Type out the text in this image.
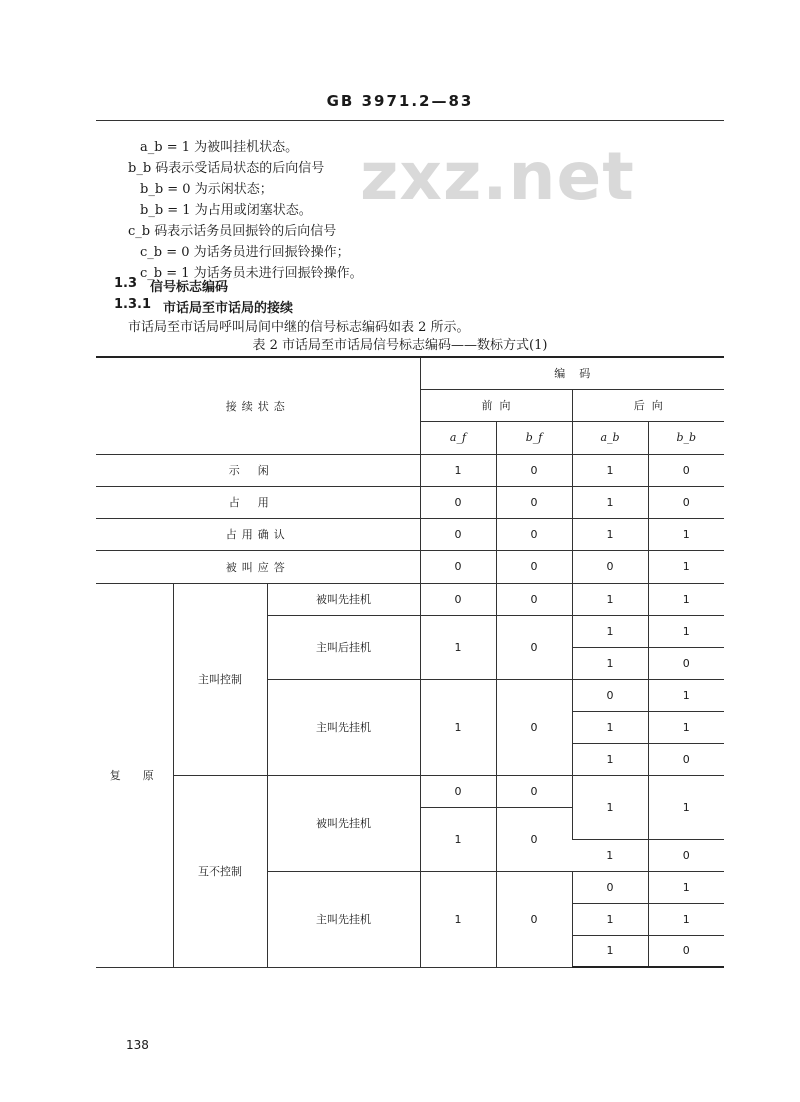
GB 3971.2—83
zxz.net
a_b = 1 为被叫挂机状态。
b_b 码表示受话局状态的后向信号
b_b = 0 为示闲状态；
b_b = 1 为占用或闭塞状态。
c_b 码表示话务员回振铃的后向信号
c_b = 0 为话务员进行回振铃操作；
c_b = 1 为话务员未进行回振铃操作。
1.3 信号标志编码
1.3.1 市话局至市话局的接续
市话局至市话局呼叫局间中继的信号标志编码如表 2 所示。
表 2 市话局至市话局信号标志编码——数标方式(1)
接续状态			编    码			
			前  向		后  向	
			a_f	b_f	a_b	b_b
示闲			1	0	1	0
占用			0	0	1	0
占用确认			0	0	1	1
被叫应答			0	0	0	1
复  原	主叫控制	被叫先挂机	0	0	1	1
		主叫后挂机	1	0	1	1
					1	0
		主叫先挂机	1	0	0	1
					1	1
					1	0
	互不控制	被叫先挂机	0	0	1	1
			1	0		
					1	0
		主叫先挂机	1	0	0	1
					1	1
					1	0
138
